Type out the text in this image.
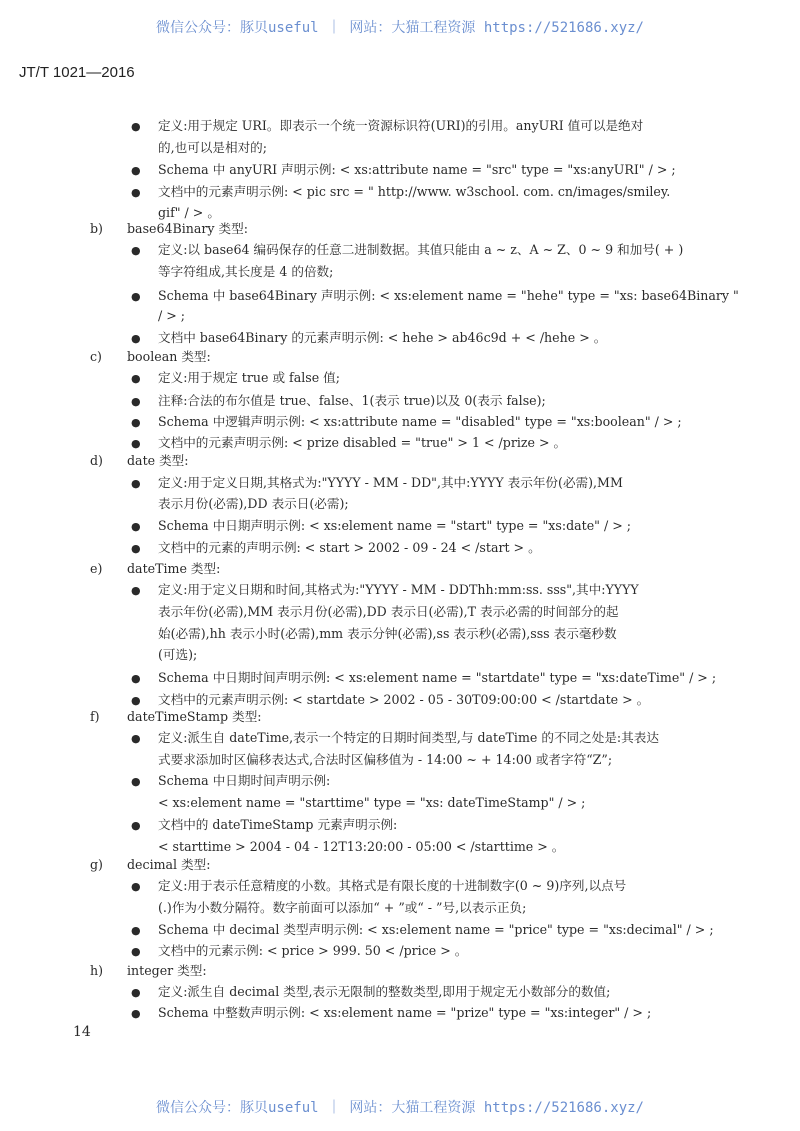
微信公众号：豚贝useful ｜ 网站：大猫工程资源 https://521686.xyz/
JT/T 1021—2016
● 定义:用于规定 URI。即表示一个统一资源标识符(URI)的引用。anyURI 值可以是绝对
的,也可以是相对的;
● Schema 中 anyURI 声明示例: < xs:attribute name = "src" type = "xs:anyURI" / > ;
● 文档中的元素声明示例: < pic src = " http://www. w3school. com. cn/images/smiley.
gif" / > 。
b) base64Binary 类型:
● 定义:以 base64 编码保存的任意二进制数据。其值只能由 a ~ z、A ~ Z、0 ~ 9 和加号( + )
等字符组成,其长度是 4 的倍数;
● Schema 中 base64Binary 声明示例: < xs:element name = "hehe" type = "xs: base64Binary "
/ > ;
● 文档中 base64Binary 的元素声明示例: < hehe > ab46c9d + < /hehe > 。
c) boolean 类型:
● 定义:用于规定 true 或 false 值;
● 注释:合法的布尔值是 true、false、1(表示 true)以及 0(表示 false);
● Schema 中逻辑声明示例: < xs:attribute name = "disabled" type = "xs:boolean" / > ;
● 文档中的元素声明示例: < prize disabled = "true" > 1 < /prize > 。
d) date 类型:
● 定义:用于定义日期,其格式为:"YYYY - MM - DD",其中:YYYY 表示年份(必需),MM
表示月份(必需),DD 表示日(必需);
● Schema 中日期声明示例: < xs:element name = "start" type = "xs:date" / > ;
● 文档中的元素的声明示例: < start > 2002 - 09 - 24 < /start > 。
e) dateTime 类型:
● 定义:用于定义日期和时间,其格式为:"YYYY - MM - DDThh:mm:ss. sss",其中:YYYY
表示年份(必需),MM 表示月份(必需),DD 表示日(必需),T 表示必需的时间部分的起
始(必需),hh 表示小时(必需),mm 表示分钟(必需),ss 表示秒(必需),sss 表示毫秒数
(可选);
● Schema 中日期时间声明示例: < xs:element name = "startdate" type = "xs:dateTime" / > ;
● 文档中的元素声明示例: < startdate > 2002 - 05 - 30T09:00:00 < /startdate > 。
f) dateTimeStamp 类型:
● 定义:派生自 dateTime,表示一个特定的日期时间类型,与 dateTime 的不同之处是:其表达
式要求添加时区偏移表达式,合法时区偏移值为 - 14:00 ~ + 14:00 或者字符“Z”;
● Schema 中日期时间声明示例:
< xs:element name = "starttime" type = "xs: dateTimeStamp" / > ;
● 文档中的 dateTimeStamp 元素声明示例:
< starttime > 2004 - 04 - 12T13:20:00 - 05:00 < /starttime > 。
g) decimal 类型:
● 定义:用于表示任意精度的小数。其格式是有限长度的十进制数字(0 ~ 9)序列,以点号
(.)作为小数分隔符。数字前面可以添加“ + ”或“ - ”号,以表示正负;
● Schema 中 decimal 类型声明示例: < xs:element name = "price" type = "xs:decimal" / > ;
● 文档中的元素示例: < price > 999. 50 < /price > 。
h) integer 类型:
● 定义:派生自 decimal 类型,表示无限制的整数类型,即用于规定无小数部分的数值;
● Schema 中整数声明示例: < xs:element name = "prize" type = "xs:integer" / > ;
14
微信公众号：豚贝useful ｜ 网站：大猫工程资源 https://521686.xyz/
